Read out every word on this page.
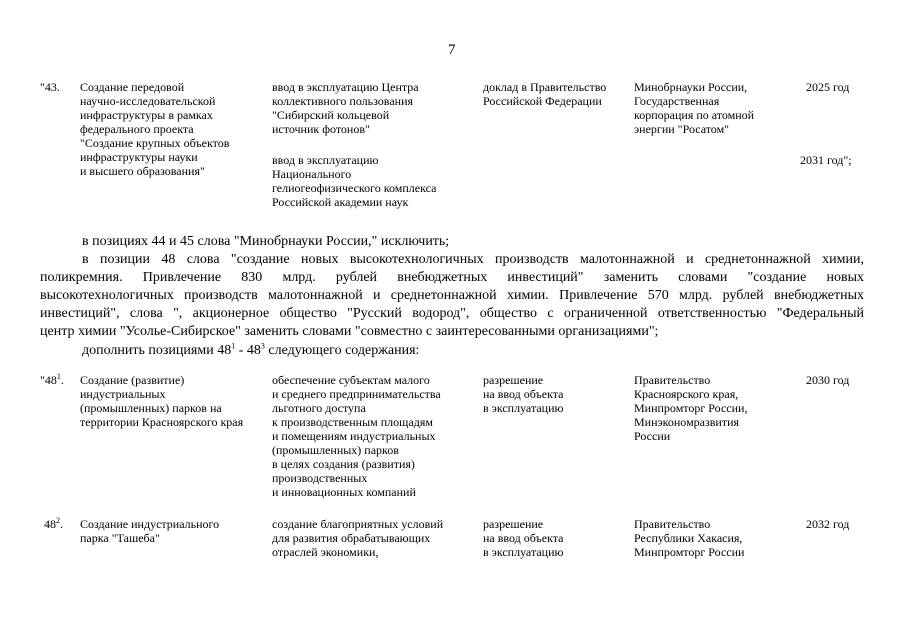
7
"43. Создание передовой
научно-исследовательской
инфраструктуры в рамках
федерального проекта
"Создание крупных объектов
инфраструктуры науки
и высшего образования"
ввод в эксплуатацию Центра
коллективного пользования
"Сибирский кольцевой
источник фотонов"
ввод в эксплуатацию
Национального
гелиогеофизического комплекса
Российской академии наук
доклад в Правительство
Российской Федерации
Минобрнауки России,
Государственная
корпорация по атомной
энергии "Росатом"
2025 год
2031 год";
в позициях 44 и 45 слова "Минобрнауки России," исключить;
в позиции 48 слова "создание новых высокотехнологичных производств малотоннажной и среднетоннажной химии,
поликремния. Привлечение 830 млрд. рублей внебюджетных инвестиций" заменить словами "создание новых
высокотехнологичных производств малотоннажной и среднетоннажной химии. Привлечение 570 млрд. рублей внебюджетных
инвестиций", слова ", акционерное общество "Русский водород", общество с ограниченной ответственностью "Федеральный
центр химии "Усолье-Сибирское" заменить словами "совместно с заинтересованными организациями";
дополнить позициями $48^1 - 48^3$ следующего содержания:
"$48^1$. Создание (развитие)
индустриальных
(промышленных) парков на
территории Красноярского края
обеспечение субъектам малого
и среднего предпринимательства
льготного доступа
к производственным площадям
и помещениям индустриальных
(промышленных) парков
в целях создания (развития)
производственных
и инновационных компаний
разрешение
на ввод объекта
в эксплуатацию
Правительство
Красноярского края,
Минпромторг России,
Минэкономразвития
России
2030 год
$48^2$. Создание индустриального
парка "Ташеба"
создание благоприятных условий
для развития обрабатывающих
отраслей экономики,
разрешение
на ввод объекта
в эксплуатацию
Правительство
Республики Хакасия,
Минпромторг России
2032 год
